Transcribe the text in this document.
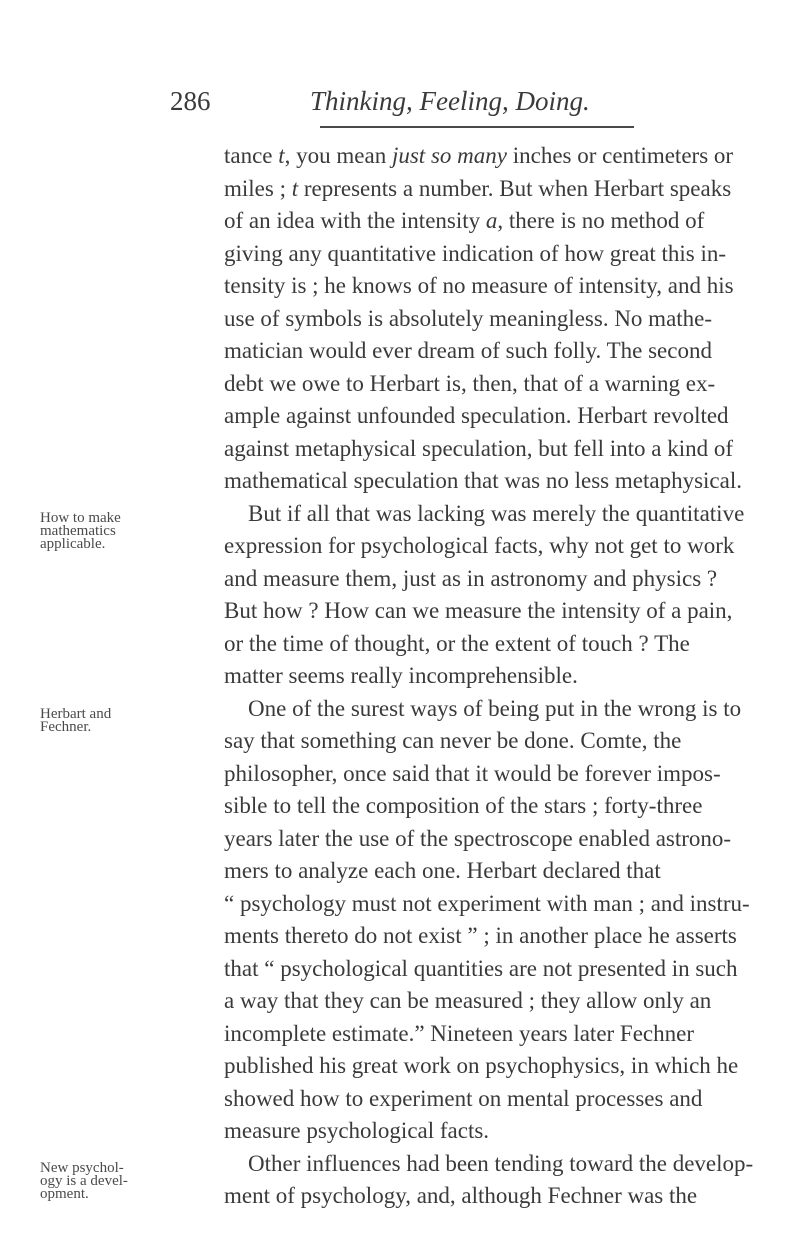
286	Thinking, Feeling, Doing.
tance t, you mean just so many inches or centimeters or
miles ; t represents a number. But when Herbart speaks
of an idea with the intensity a, there is no method of
giving any quantitative indication of how great this in-
tensity is ; he knows of no measure of intensity, and his
use of symbols is absolutely meaningless. No mathe-
matician would ever dream of such folly. The second
debt we owe to Herbart is, then, that of a warning ex-
ample against unfounded speculation. Herbart revolted
against metaphysical speculation, but fell into a kind of
mathematical speculation that was no less metaphysical.
But if all that was lacking was merely the quantitative
expression for psychological facts, why not get to work
and measure them, just as in astronomy and physics ?
But how ? How can we measure the intensity of a pain,
or the time of thought, or the extent of touch ? The
matter seems really incomprehensible.
One of the surest ways of being put in the wrong is to
say that something can never be done. Comte, the
philosopher, once said that it would be forever impos-
sible to tell the composition of the stars ; forty-three
years later the use of the spectroscope enabled astrono-
mers to analyze each one. Herbart declared that
“ psychology must not experiment with man ; and instru-
ments thereto do not exist ” ; in another place he asserts
that “ psychological quantities are not presented in such
a way that they can be measured ; they allow only an
incomplete estimate.” Nineteen years later Fechner
published his great work on psychophysics, in which he
showed how to experiment on mental processes and
measure psychological facts.
Other influences had been tending toward the develop-
ment of psychology, and, although Fechner was the
How to make
mathematics
applicable.
Herbart and
Fechner.
New psychol-
ogy is a devel-
opment.
